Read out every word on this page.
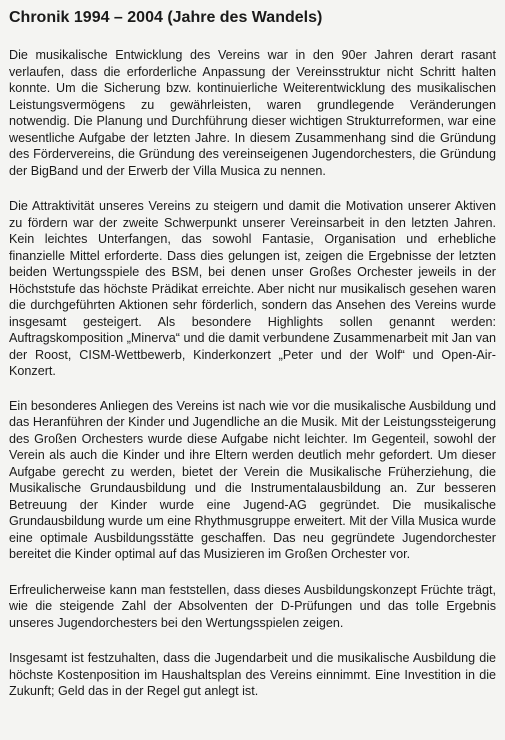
Chronik 1994 – 2004 (Jahre des Wandels)

Die musikalische Entwicklung des Vereins war in den 90er Jahren derart rasant verlaufen, dass die erforderliche Anpassung der Vereinsstruktur nicht Schritt halten konnte. Um die Sicherung bzw. kontinuierliche Weiterentwicklung des musikalischen Leistungsvermögens zu gewährleisten, waren grundlegende Veränderungen notwendig. Die Planung und Durchführung dieser wichtigen Strukturreformen, war eine wesentliche Aufgabe der letzten Jahre. In diesem Zusammenhang sind die Gründung des Fördervereins, die Gründung des vereinseigenen Jugendorchesters, die Gründung der BigBand und der Erwerb der Villa Musica zu nennen.

Die Attraktivität unseres Vereins zu steigern und damit die Motivation unserer Aktiven zu fördern war der zweite Schwerpunkt unserer Vereinsarbeit in den letzten Jahren. Kein leichtes Unterfangen, das sowohl Fantasie, Organisation und erhebliche finanzielle Mittel erforderte. Dass dies gelungen ist, zeigen die Ergebnisse der letzten beiden Wertungsspiele des BSM, bei denen unser Großes Orchester jeweils in der Höchststufe das höchste Prädikat erreichte. Aber nicht nur musikalisch gesehen waren die durchgeführten Aktionen sehr förderlich, sondern das Ansehen des Vereins wurde insgesamt gesteigert. Als besondere Highlights sollen genannt werden: Auftragskomposition „Minerva“ und die damit verbundene Zusammenarbeit mit Jan van der Roost, CISM-Wettbewerb, Kinderkonzert „Peter und der Wolf“ und Open-Air-Konzert.

Ein besonderes Anliegen des Vereins ist nach wie vor die musikalische Ausbildung und das Heranführen der Kinder und Jugendliche an die Musik. Mit der Leistungssteigerung des Großen Orchesters wurde diese Aufgabe nicht leichter. Im Gegenteil, sowohl der Verein als auch die Kinder und ihre Eltern werden deutlich mehr gefordert. Um dieser Aufgabe gerecht zu werden, bietet der Verein die Musikalische Früherziehung, die Musikalische Grundausbildung und die Instrumentalausbildung an. Zur besseren Betreuung der Kinder wurde eine Jugend-AG gegründet. Die musikalische Grundausbildung wurde um eine Rhythmusgruppe erweitert. Mit der Villa Musica wurde eine optimale Ausbildungsstätte geschaffen. Das neu gegründete Jugendorchester bereitet die Kinder optimal auf das Musizieren im Großen Orchester vor.

Erfreulicherweise kann man feststellen, dass dieses Ausbildungskonzept Früchte trägt, wie die steigende Zahl der Absolventen der D-Prüfungen und das tolle Ergebnis unseres Jugendorchesters bei den Wertungsspielen zeigen.

Insgesamt ist festzuhalten, dass die Jugendarbeit und die musikalische Ausbildung die höchste Kostenposition im Haushaltsplan des Vereins einnimmt. Eine Investition in die Zukunft; Geld das in der Regel gut anlegt ist.
